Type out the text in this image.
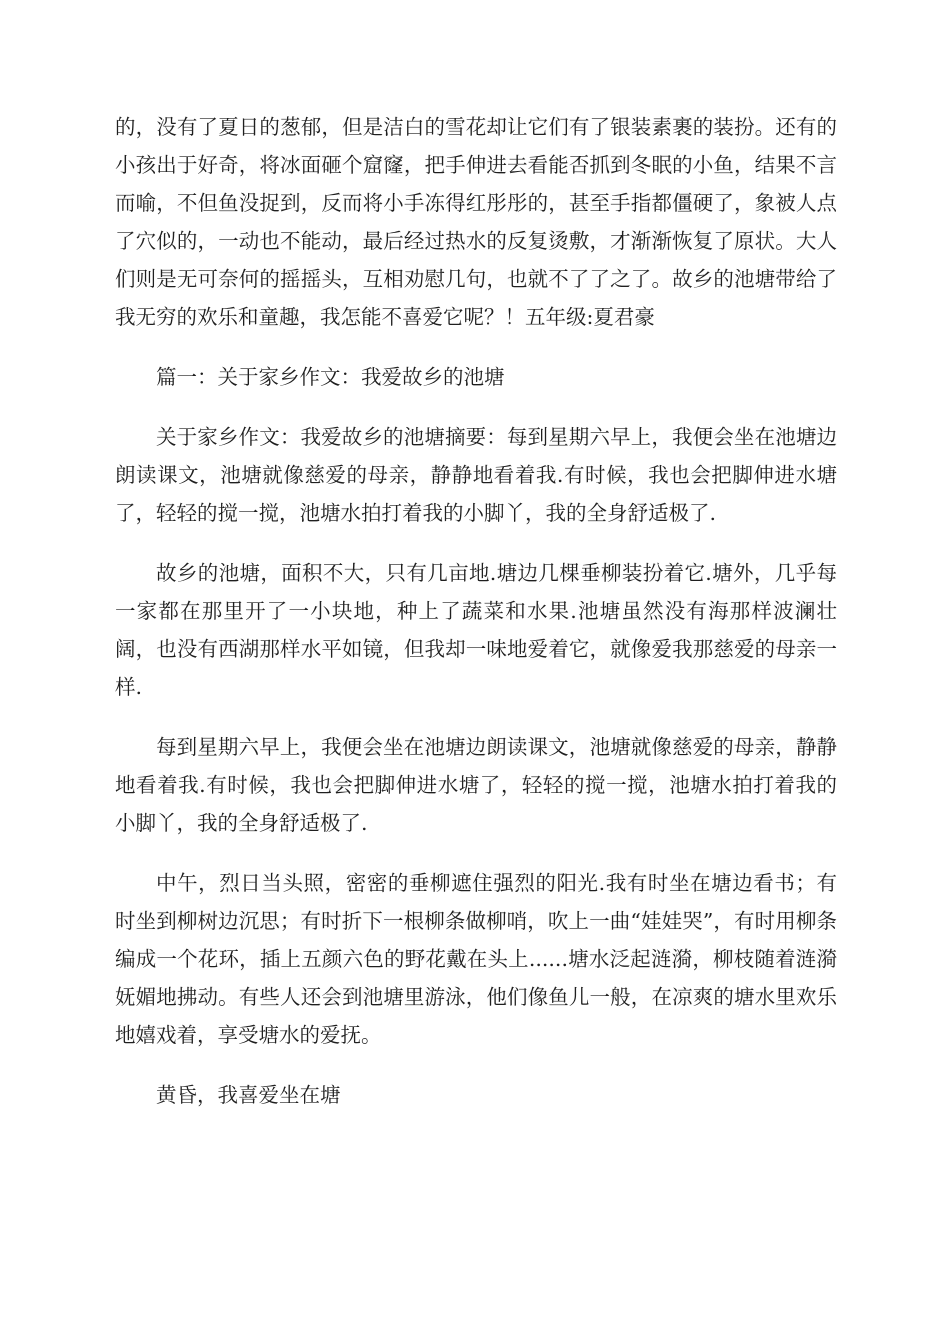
的，没有了夏日的葱郁，但是洁白的雪花却让它们有了银装素裹的装扮。还有的小孩出于好奇，将冰面砸个窟窿，把手伸进去看能否抓到冬眠的小鱼，结果不言而喻，不但鱼没捉到，反而将小手冻得红彤彤的，甚至手指都僵硬了，象被人点了穴似的，一动也不能动，最后经过热水的反复烫敷，才渐渐恢复了原状。大人们则是无可奈何的摇摇头，互相劝慰几句，也就不了了之了。故乡的池塘带给了我无穷的欢乐和童趣，我怎能不喜爱它呢？！五年级:夏君豪

篇一：关于家乡作文：我爱故乡的池塘

关于家乡作文：我爱故乡的池塘摘要：每到星期六早上，我便会坐在池塘边朗读课文，池塘就像慈爱的母亲，静静地看着我.有时候，我也会把脚伸进水塘了，轻轻的搅一搅，池塘水拍打着我的小脚丫，我的全身舒适极了.

故乡的池塘，面积不大，只有几亩地.塘边几棵垂柳装扮着它.塘外，几乎每一家都在那里开了一小块地，种上了蔬菜和水果.池塘虽然没有海那样波澜壮阔，也没有西湖那样水平如镜，但我却一味地爱着它，就像爱我那慈爱的母亲一样.

每到星期六早上，我便会坐在池塘边朗读课文，池塘就像慈爱的母亲，静静地看着我.有时候，我也会把脚伸进水塘了，轻轻的搅一搅，池塘水拍打着我的小脚丫，我的全身舒适极了.

中午，烈日当头照，密密的垂柳遮住强烈的阳光.我有时坐在塘边看书；有时坐到柳树边沉思；有时折下一根柳条做柳哨，吹上一曲“娃娃哭”，有时用柳条编成一个花环，插上五颜六色的野花戴在头上......塘水泛起涟漪，柳枝随着涟漪妩媚地拂动。有些人还会到池塘里游泳，他们像鱼儿一般，在凉爽的塘水里欢乐地嬉戏着，享受塘水的爱抚。

黄昏，我喜爱坐在塘
